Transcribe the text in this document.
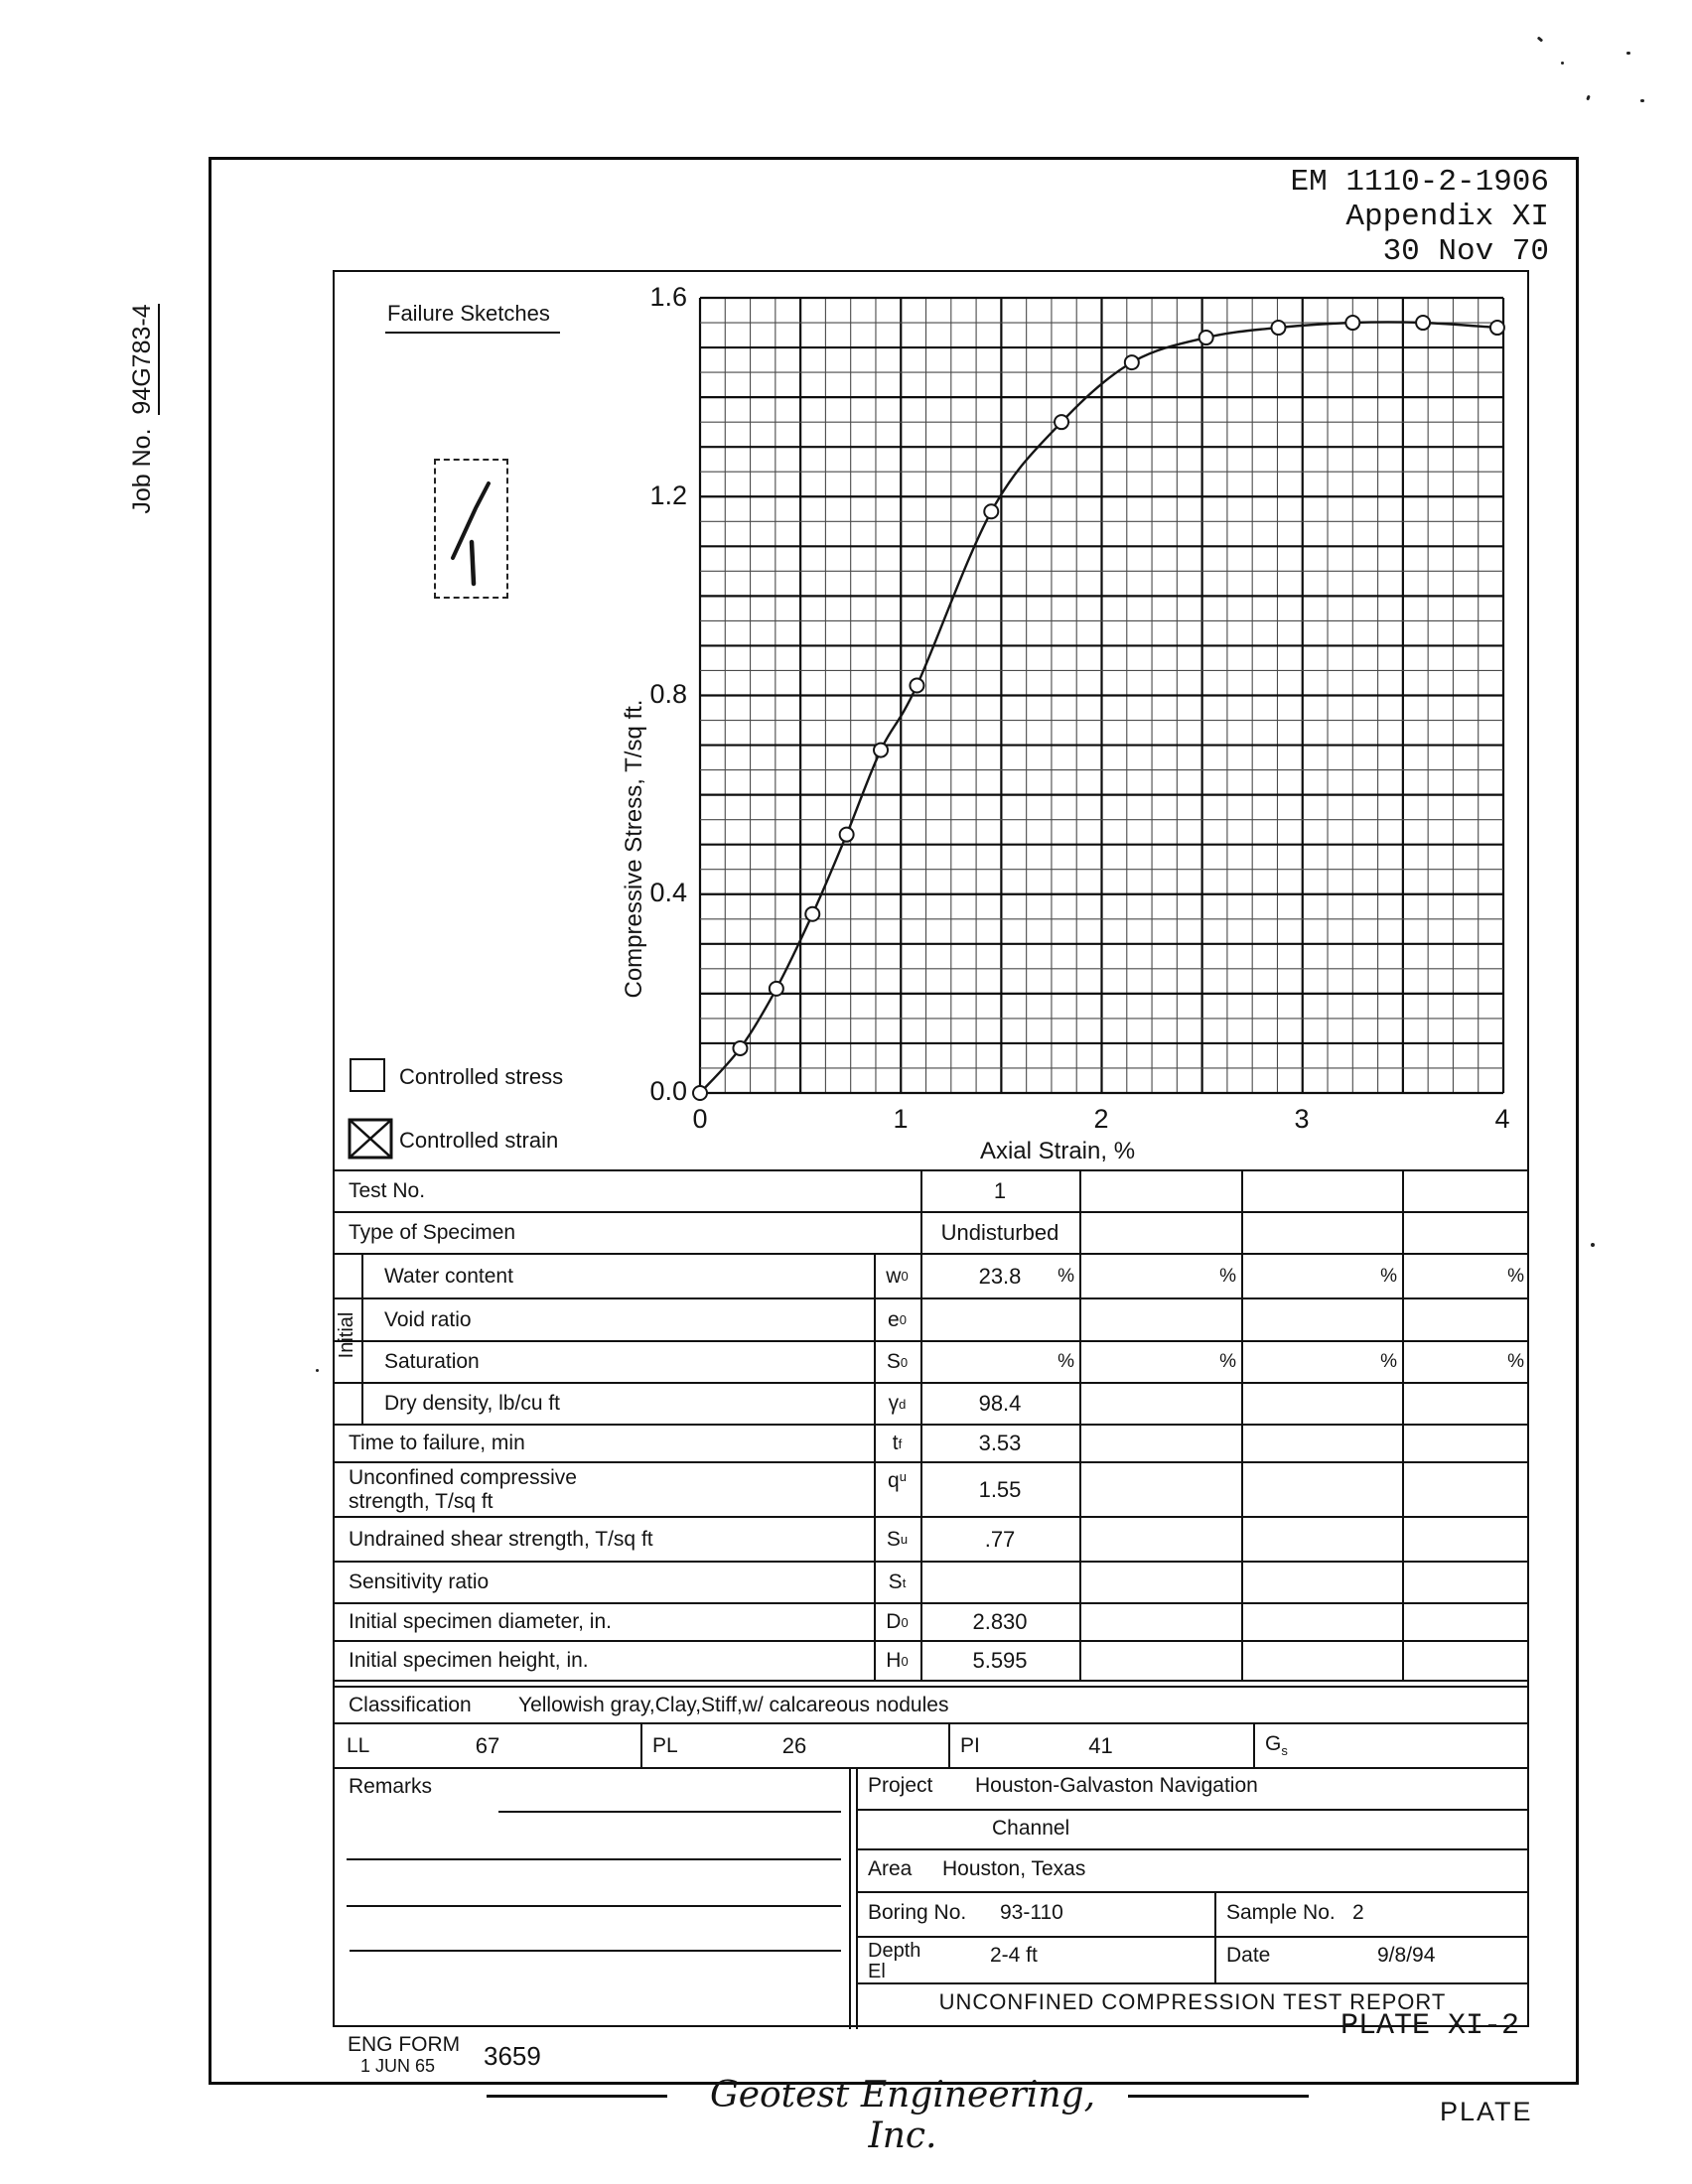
Job No.  94G783-4
EM 1110-2-1906
Appendix XI
30 Nov 70
Failure Sketches
1.6
1.2
0.8
0.4
0.0
0	1	2	3	4
Axial Strain, %
Compressive Stress, T/sq ft.
Controlled stress
Controlled strain
Test No.	1
Type of Specimen	Undisturbed
Water content	w 0	23.8 %	%	%	%
Void ratio	e 0
Saturation	S 0	%	%	%	%
Dry density, lb/cu ft	γ d	98.4
Initial
Time to failure, min	t f	3.53
Unconfined compressive
strength, T/sq ft
$q^u$	1.55
Undrained shear strength, T/sq ft	S u	.77
Sensitivity ratio	S t
Initial specimen diameter, in.	D 0	2.830
Initial specimen height, in.	H 0	5.595
Classification Yellowish gray,Clay,Stiff,w/ calcareous nodules
LL	67	PL	26	PI	41	$G_s$
Remarks	Project Houston-Galvaston Navigation
Channel
Area Houston, Texas
Boring No. 93-110	Sample No. 2
Depth
El
2-4 ft	Date	9/8/94
UNCONFINED COMPRESSION TEST REPORT
ENG FORM
1 JUN 65 3659
PLATE XI-2
Geotest Engineering, Inc.
PLATE
